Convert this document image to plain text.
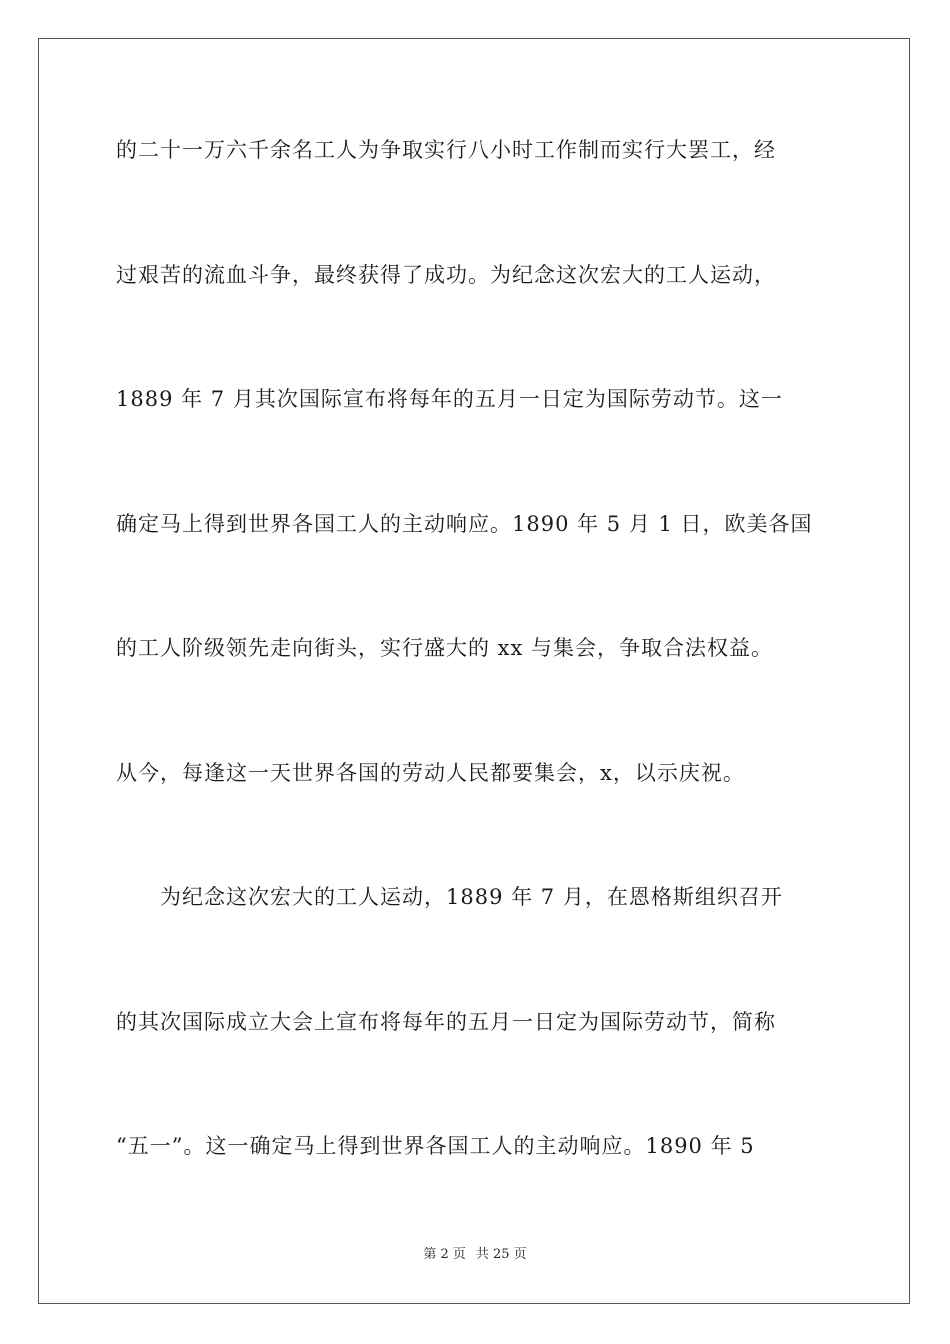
的二十一万六千余名工人为争取实行八小时工作制而实行大罢工，经
过艰苦的流血斗争，最终获得了成功。为纪念这次宏大的工人运动，
1889 年 7 月其次国际宣布将每年的五月一日定为国际劳动节。这一
确定马上得到世界各国工人的主动响应。1890 年 5 月 1 日，欧美各国
的工人阶级领先走向街头，实行盛大的 xx 与集会，争取合法权益。
从今，每逢这一天世界各国的劳动人民都要集会，x，以示庆祝。
　　为纪念这次宏大的工人运动，1889 年 7 月，在恩格斯组织召开
的其次国际成立大会上宣布将每年的五月一日定为国际劳动节，简称
“五一”。这一确定马上得到世界各国工人的主动响应。1890 年 5
第 2 页 共 25 页
